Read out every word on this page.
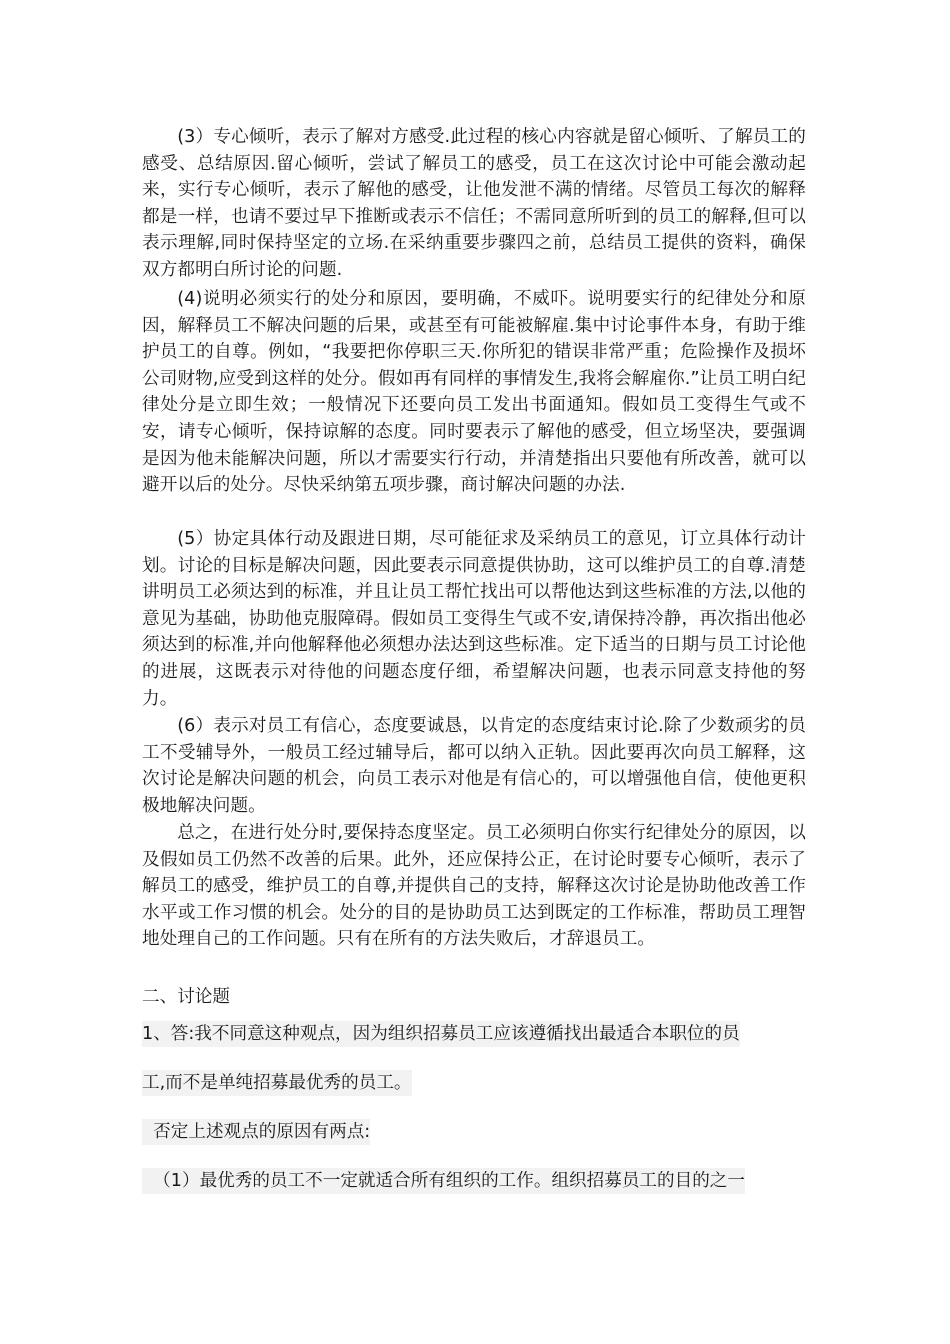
(3）专心倾听，表示了解对方感受.此过程的核心内容就是留心倾听、了解员工的感受、总结原因.留心倾听，尝试了解员工的感受，员工在这次讨论中可能会激动起来，实行专心倾听，表示了解他的感受，让他发泄不满的情绪。尽管员工每次的解释都是一样，也请不要过早下推断或表示不信任；不需同意所听到的员工的解释,但可以表示理解,同时保持坚定的立场.在采纳重要步骤四之前，总结员工提供的资料，确保双方都明白所讨论的问题.

(4)说明必须实行的处分和原因，要明确，不威吓。说明要实行的纪律处分和原因，解释员工不解决问题的后果，或甚至有可能被解雇.集中讨论事件本身，有助于维护员工的自尊。例如，“我要把你停职三天.你所犯的错误非常严重；危险操作及损坏公司财物,应受到这样的处分。假如再有同样的事情发生,我将会解雇你.”让员工明白纪律处分是立即生效；一般情况下还要向员工发出书面通知。假如员工变得生气或不安，请专心倾听，保持谅解的态度。同时要表示了解他的感受，但立场坚决，要强调是因为他未能解决问题，所以才需要实行行动，并清楚指出只要他有所改善，就可以避开以后的处分。尽快采纳第五项步骤，商讨解决问题的办法.

(5）协定具体行动及跟进日期，尽可能征求及采纳员工的意见，订立具体行动计划。讨论的目标是解决问题，因此要表示同意提供协助，这可以维护员工的自尊.清楚讲明员工必须达到的标准，并且让员工帮忙找出可以帮他达到这些标准的方法,以他的意见为基础，协助他克服障碍。假如员工变得生气或不安,请保持冷静，再次指出他必须达到的标准,并向他解释他必须想办法达到这些标准。定下适当的日期与员工讨论他的进展，这既表示对待他的问题态度仔细，希望解决问题，也表示同意支持他的努力。

(6）表示对员工有信心，态度要诚恳，以肯定的态度结束讨论.除了少数顽劣的员工不受辅导外，一般员工经过辅导后，都可以纳入正轨。因此要再次向员工解释，这次讨论是解决问题的机会，向员工表示对他是有信心的，可以增强他自信，使他更积极地解决问题。

总之，在进行处分时,要保持态度坚定。员工必须明白你实行纪律处分的原因，以及假如员工仍然不改善的后果。此外，还应保持公正，在讨论时要专心倾听，表示了解员工的感受，维护员工的自尊,并提供自己的支持，解释这次讨论是协助他改善工作水平或工作习惯的机会。处分的目的是协助员工达到既定的工作标准，帮助员工理智地处理自己的工作问题。只有在所有的方法失败后，才辞退员工。

二、讨论题

1、答:我不同意这种观点，因为组织招募员工应该遵循找出最适合本职位的员

工,而不是单纯招募最优秀的员工。

否定上述观点的原因有两点:

（1）最优秀的员工不一定就适合所有组织的工作。组织招募员工的目的之一
